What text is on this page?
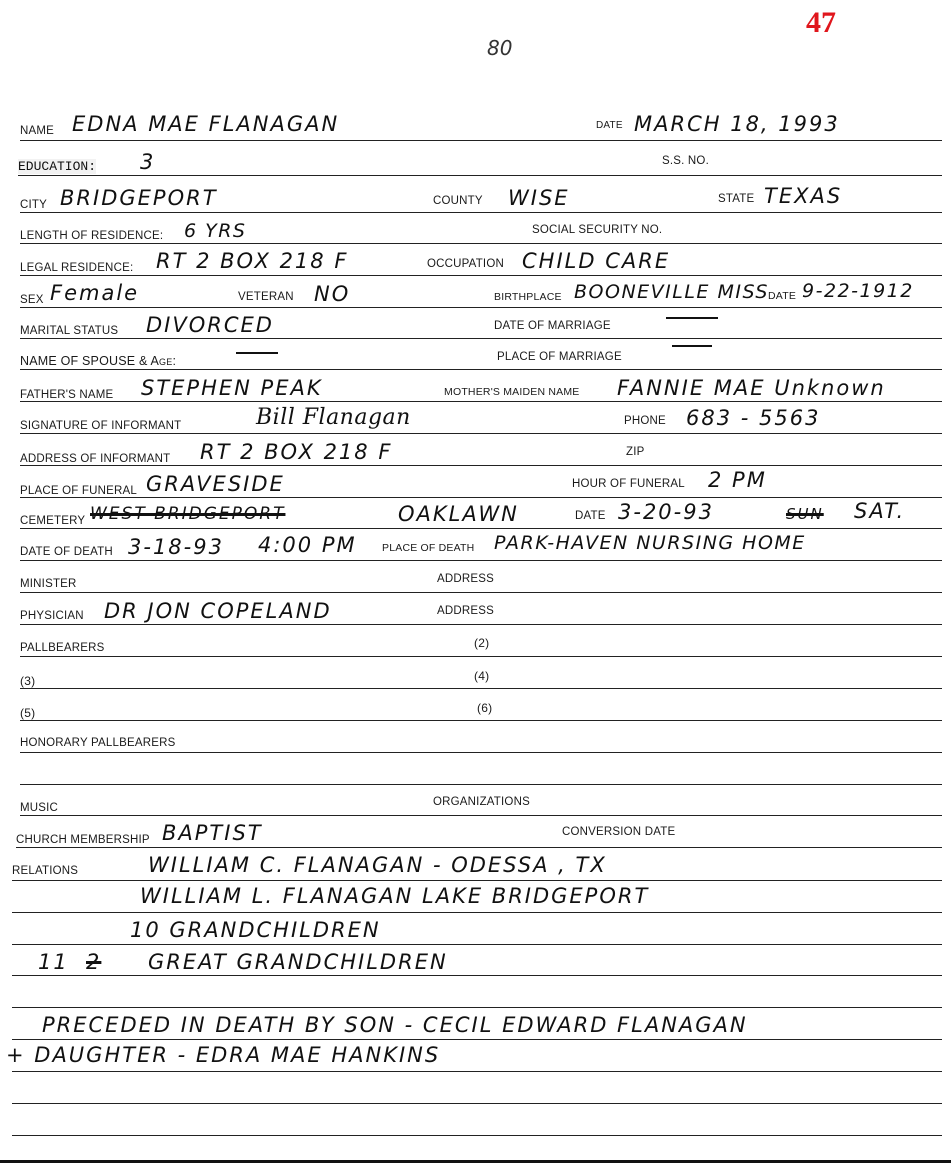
47
80
NAME EDNA MAE FLANAGAN	DATE MARCH 18, 1993
EDUCATION: 3	S.S. NO.
CITY BRIDGEPORT	COUNTY WISE	STATE TEXAS
LENGTH OF RESIDENCE: 6 YRS	SOCIAL SECURITY NO.
LEGAL RESIDENCE: RT 2 BOX 218 F	OCCUPATION CHILD CARE
SEX Female	VETERAN NO	BIRTHPLACE BOONEVILLE MISS DATE 9-22-1912
MARITAL STATUS DIVORCED	DATE OF MARRIAGE
NAME OF SPOUSE & Age:	PLACE OF MARRIAGE
FATHER'S NAME STEPHEN PEAK	MOTHER'S MAIDEN NAME FANNIE MAE Unknown
SIGNATURE OF INFORMANT	Bill Flanagan	PHONE 683 - 5563
ADDRESS OF INFORMANT RT 2 BOX 218 F	ZIP
PLACE OF FUNERAL GRAVESIDE	HOUR OF FUNERAL 2 PM
CEMETERY WEST BRIDGEPORT	OAKLAWN	DATE 3-20-93	SUN SAT.
DATE OF DEATH 3-18-93 4:00 PM PLACE OF DEATH PARK-HAVEN NURSING HOME
MINISTER	ADDRESS
PHYSICIAN DR JON COPELAND	ADDRESS
PALLBEARERS	(2)
(3)	(4)
(5)	(6)
HONORARY PALLBEARERS
MUSIC	ORGANIZATIONS
CHURCH MEMBERSHIP BAPTIST	CONVERSION DATE
RELATIONS	WILLIAM C. FLANAGAN - ODESSA , TX
WILLIAM L. FLANAGAN LAKE BRIDGEPORT
10 GRANDCHILDREN
11 2 GREAT GRANDCHILDREN
PRECEDED IN DEATH BY SON - CECIL EDWARD FLANAGAN
+ DAUGHTER - EDRA MAE HANKINS
